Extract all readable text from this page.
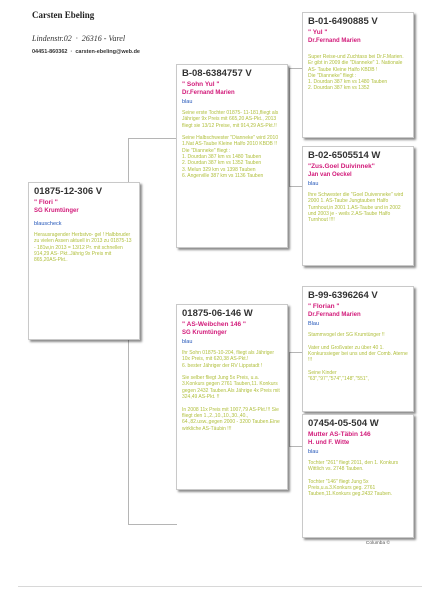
Carsten Ebeling
Lindenstr.02 · 26316 - Varel
04451-860362 · carsten-ebeling@web.de
01875-12-306 V
" Flori "
SG Krumtünger
blauscheck
Herausragender Herbstvo- gel ! Halbbruder zu vielen Assen aktuell in 2013 zu 01875-13 - 181w,in 2013 = 13/12 Pr. mit schnellen 914,29 AS- Pkt..Jährig 9x Preis mit 865,20AS-Pkt..
B-08-6384757 V
" Sohn Yul "
Dr.Fernand Marien
blau
Seine erste Tochter 01875- 11-181,fliegt als Jähriger 9x Preis mit 665,20 AS-Pkt., 2013 fliegt sie 13/12 Preise, mit 914,29 AS-Pkt.!!

Seine Halbschwester "Dianneke" wird 2010 1.Nat AS-Taube Kleine Halfo 2010 KBDB !!
Die "Dianneke" fliegt :
1. Dourdan 387 km vs 1480 Tauben
2. Dourdan 387 km vs 1352 Tauben
3. Melun 329 km vs 1398 Tauben
6. Angerville 387 km vs 1136 Tauben
01875-06-146 W
" AS-Weibchen 146 "
SG Krumtünger
blau
Ihr Sohn 01875-10-204, fliegt als Jähriger 10x Preis, mit 620,38 AS-Pkt.!
6. bester Jähriger der RV Lippstadt !

Sie selber fliegt Jung 5x Preis, u.a. 3.Konkurs gegen 2761 Tauben,11. Konkurs gegen 2432 Tauben.Als Jährige 4x Preis mit 324,49 AS-Pkt. !!

In 2008 11x Preis mit 1007,79 AS-Pkt.!!! Sie fliegt den 1.,2.,10.,10.,30.,40., 64.,82.usw.,gegen 2000 - 3200 Tauben.Eine wirkliche AS-Täubin !!!
B-01-6490885 V
" Yul "
Dr.Fernand Marien
Super Reise-und Zuchtass bei Dr.F.Marien.
Er gibt in 2009 die "Dianneke" 1. Nationale AS- Taube Kleine Halfo KBDB !
Die "Dianneke" fliegt :
1. Dourdan 387 km vs 1480 Tauben
2. Dourdan 387 km vs 1352
B-02-6505514 W
"Zus.Goel Duivinnek"
Jan van Oeckel
blau
Ihre Schwester die "Goel Duivenneke" wird 2000 1. AS-Taube Jungtauben Halfo Turnhout,in 2001 1.AS-Taube und in 2002 und 2003 je - weils 2.AS-Taube Halfo Turnhout !!!!
B-99-6396264 V
" Florian "
Dr.Fernand Marien
Blau
Stammvogel der SG Krumtünger !!

Vater und Großvater zu über 40 1. Konkurssieger bei uns und der Comb. Aterne !!!

Seine Kinder
"63","97","574","148","551",
07454-05-504 W
Mutter AS-Täbin 146
H. und F. Witte
blau
Tochter "261" fliegt 2011, den 1. Konkurs Wittlich vs. 2748 Tauben.

Tochter "146" fliegt Jung 5x Preis,u.a.3.Konkurs geg. 2761 Tauben,11.Konkurs geg.2432 Tauben.
Columba ©
